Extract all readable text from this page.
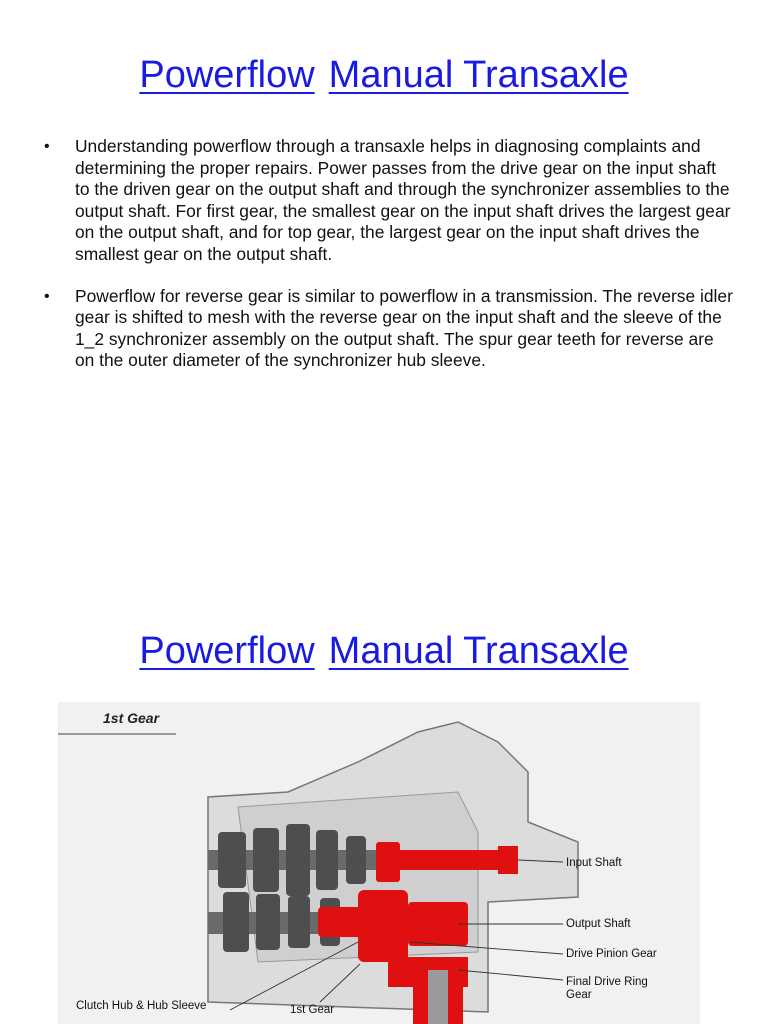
Powerflow Manual Transaxle
• Understanding powerflow through a transaxle helps in diagnosing complaints and determining the proper repairs. Power passes from the drive gear on the input shaft to the driven gear on the output shaft and through the synchronizer assemblies to the output shaft. For first gear, the smallest gear on the input shaft drives the largest gear on the output shaft, and for top gear, the largest gear on the input shaft drives the smallest gear on the output shaft.
• Powerflow for reverse gear is similar to powerflow in a transmission. The reverse idler gear is shifted to mesh with the reverse gear on the input shaft and the sleeve of the 1_2 synchronizer assembly on the output shaft. The spur gear teeth for reverse are on the outer diameter of the synchronizer hub sleeve.
Powerflow Manual Transaxle
1st Gear
Input Shaft
Output Shaft
Drive Pinion Gear
Final Drive Ring
Gear
Clutch Hub & Hub Sleeve	1st Gear
